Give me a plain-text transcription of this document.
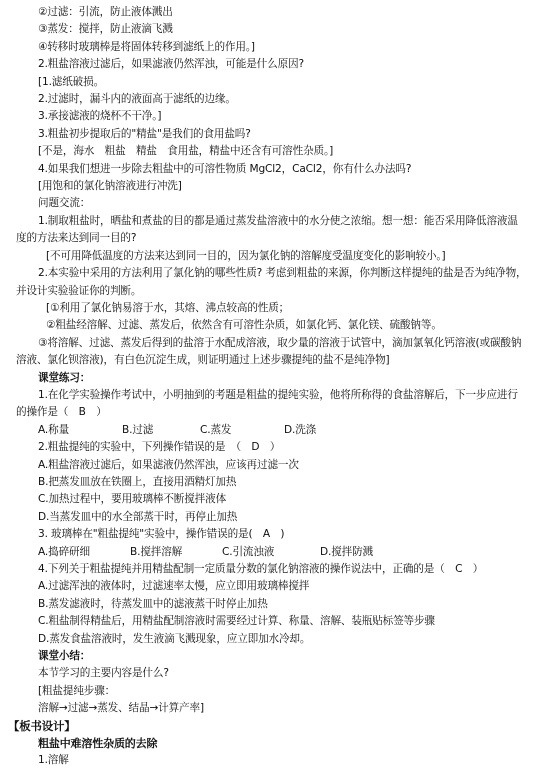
②过滤：引流，防止液体溅出
③蒸发：搅拌，防止液滴飞溅
④转移时玻璃棒是将固体转移到滤纸上的作用。]
2.粗盐溶液过滤后，如果滤液仍然浑浊，可能是什么原因?
[1.滤纸破损。
2.过滤时，漏斗内的液面高于滤纸的边缘。
3.承接滤液的烧杯不干净。]
3.粗盐初步提取后的"精盐"是我们的食用盐吗?
[不是，海水　粗盐　精盐　食用盐，精盐中还含有可溶性杂质。]
4.如果我们想进一步除去粗盐中的可溶性物质 MgCl2，CaCl2，你有什么办法吗?
[用饱和的氯化钠溶液进行冲洗]
问题交流：
1.制取粗盐时，晒盐和煮盐的目的都是通过蒸发盐溶液中的水分使之浓缩。想一想：能否采用降低溶液温度的方法来达到同一目的?
[不可用降低温度的方法来达到同一目的，因为氯化钠的溶解度受温度变化的影响较小。]
2.本实验中采用的方法利用了氯化钠的哪些性质? 考虑到粗盐的来源，你判断这样提纯的盐是否为纯净物，并设计实验验证你的判断。
[①利用了氯化钠易溶于水，其熔、沸点较高的性质；
②粗盐经溶解、过滤、蒸发后，依然含有可溶性杂质，如氯化钙、氯化镁、硫酸钠等。
③将溶解、过滤、蒸发后得到的盐溶于水配成溶液，取少量的溶液于试管中，滴加氯氧化钙溶液(或碳酸钠溶液、氯化钡溶液)，有白色沉淀生成，则证明通过上述步骤提纯的盐不是纯净物]
课堂练习：
1.在化学实验操作考试中，小明抽到的考题是粗盐的提纯实验，他将所称得的食盐溶解后，下一步应进行的操作是（　B　）
A.称量	B.过滤	C.蒸发	D.洗涤
2.粗盐提纯的实验中，下列操作错误的是　（　D　）
A.粗盐溶液过滤后，如果滤液仍然浑浊，应该再过滤一次
B.把蒸发皿放在铁圈上，直接用酒精灯加热
C.加热过程中，要用玻璃棒不断搅拌液体
D.当蒸发皿中的水全部蒸干时，再停止加热
3. 玻璃棒在"粗盐提纯"实验中，操作错误的是(　A　)
A.捣碎研细	B.搅拌溶解	C.引流浊液	D.搅拌防溅
4.下列关于粗盐提纯并用精盐配制一定质量分数的氯化钠溶液的操作说法中，正确的是（　C　）
A.过滤浑浊的液体时，过滤速率太慢，应立即用玻璃棒搅拌
B.蒸发滤液时，待蒸发皿中的滤液蒸干时停止加热
C.粗盐制得精盐后，用精盐配制溶液时需要经过计算、称量、溶解、装瓶贴标签等步骤
D.蒸发食盐溶液时，发生液滴飞溅现象，应立即加水冷却。
课堂小结：
本节学习的主要内容是什么?
[粗盐提纯步骤：
溶解→过滤→蒸发、结晶→计算产率]
【板书设计】
粗盐中难溶性杂质的去除
1.溶解
